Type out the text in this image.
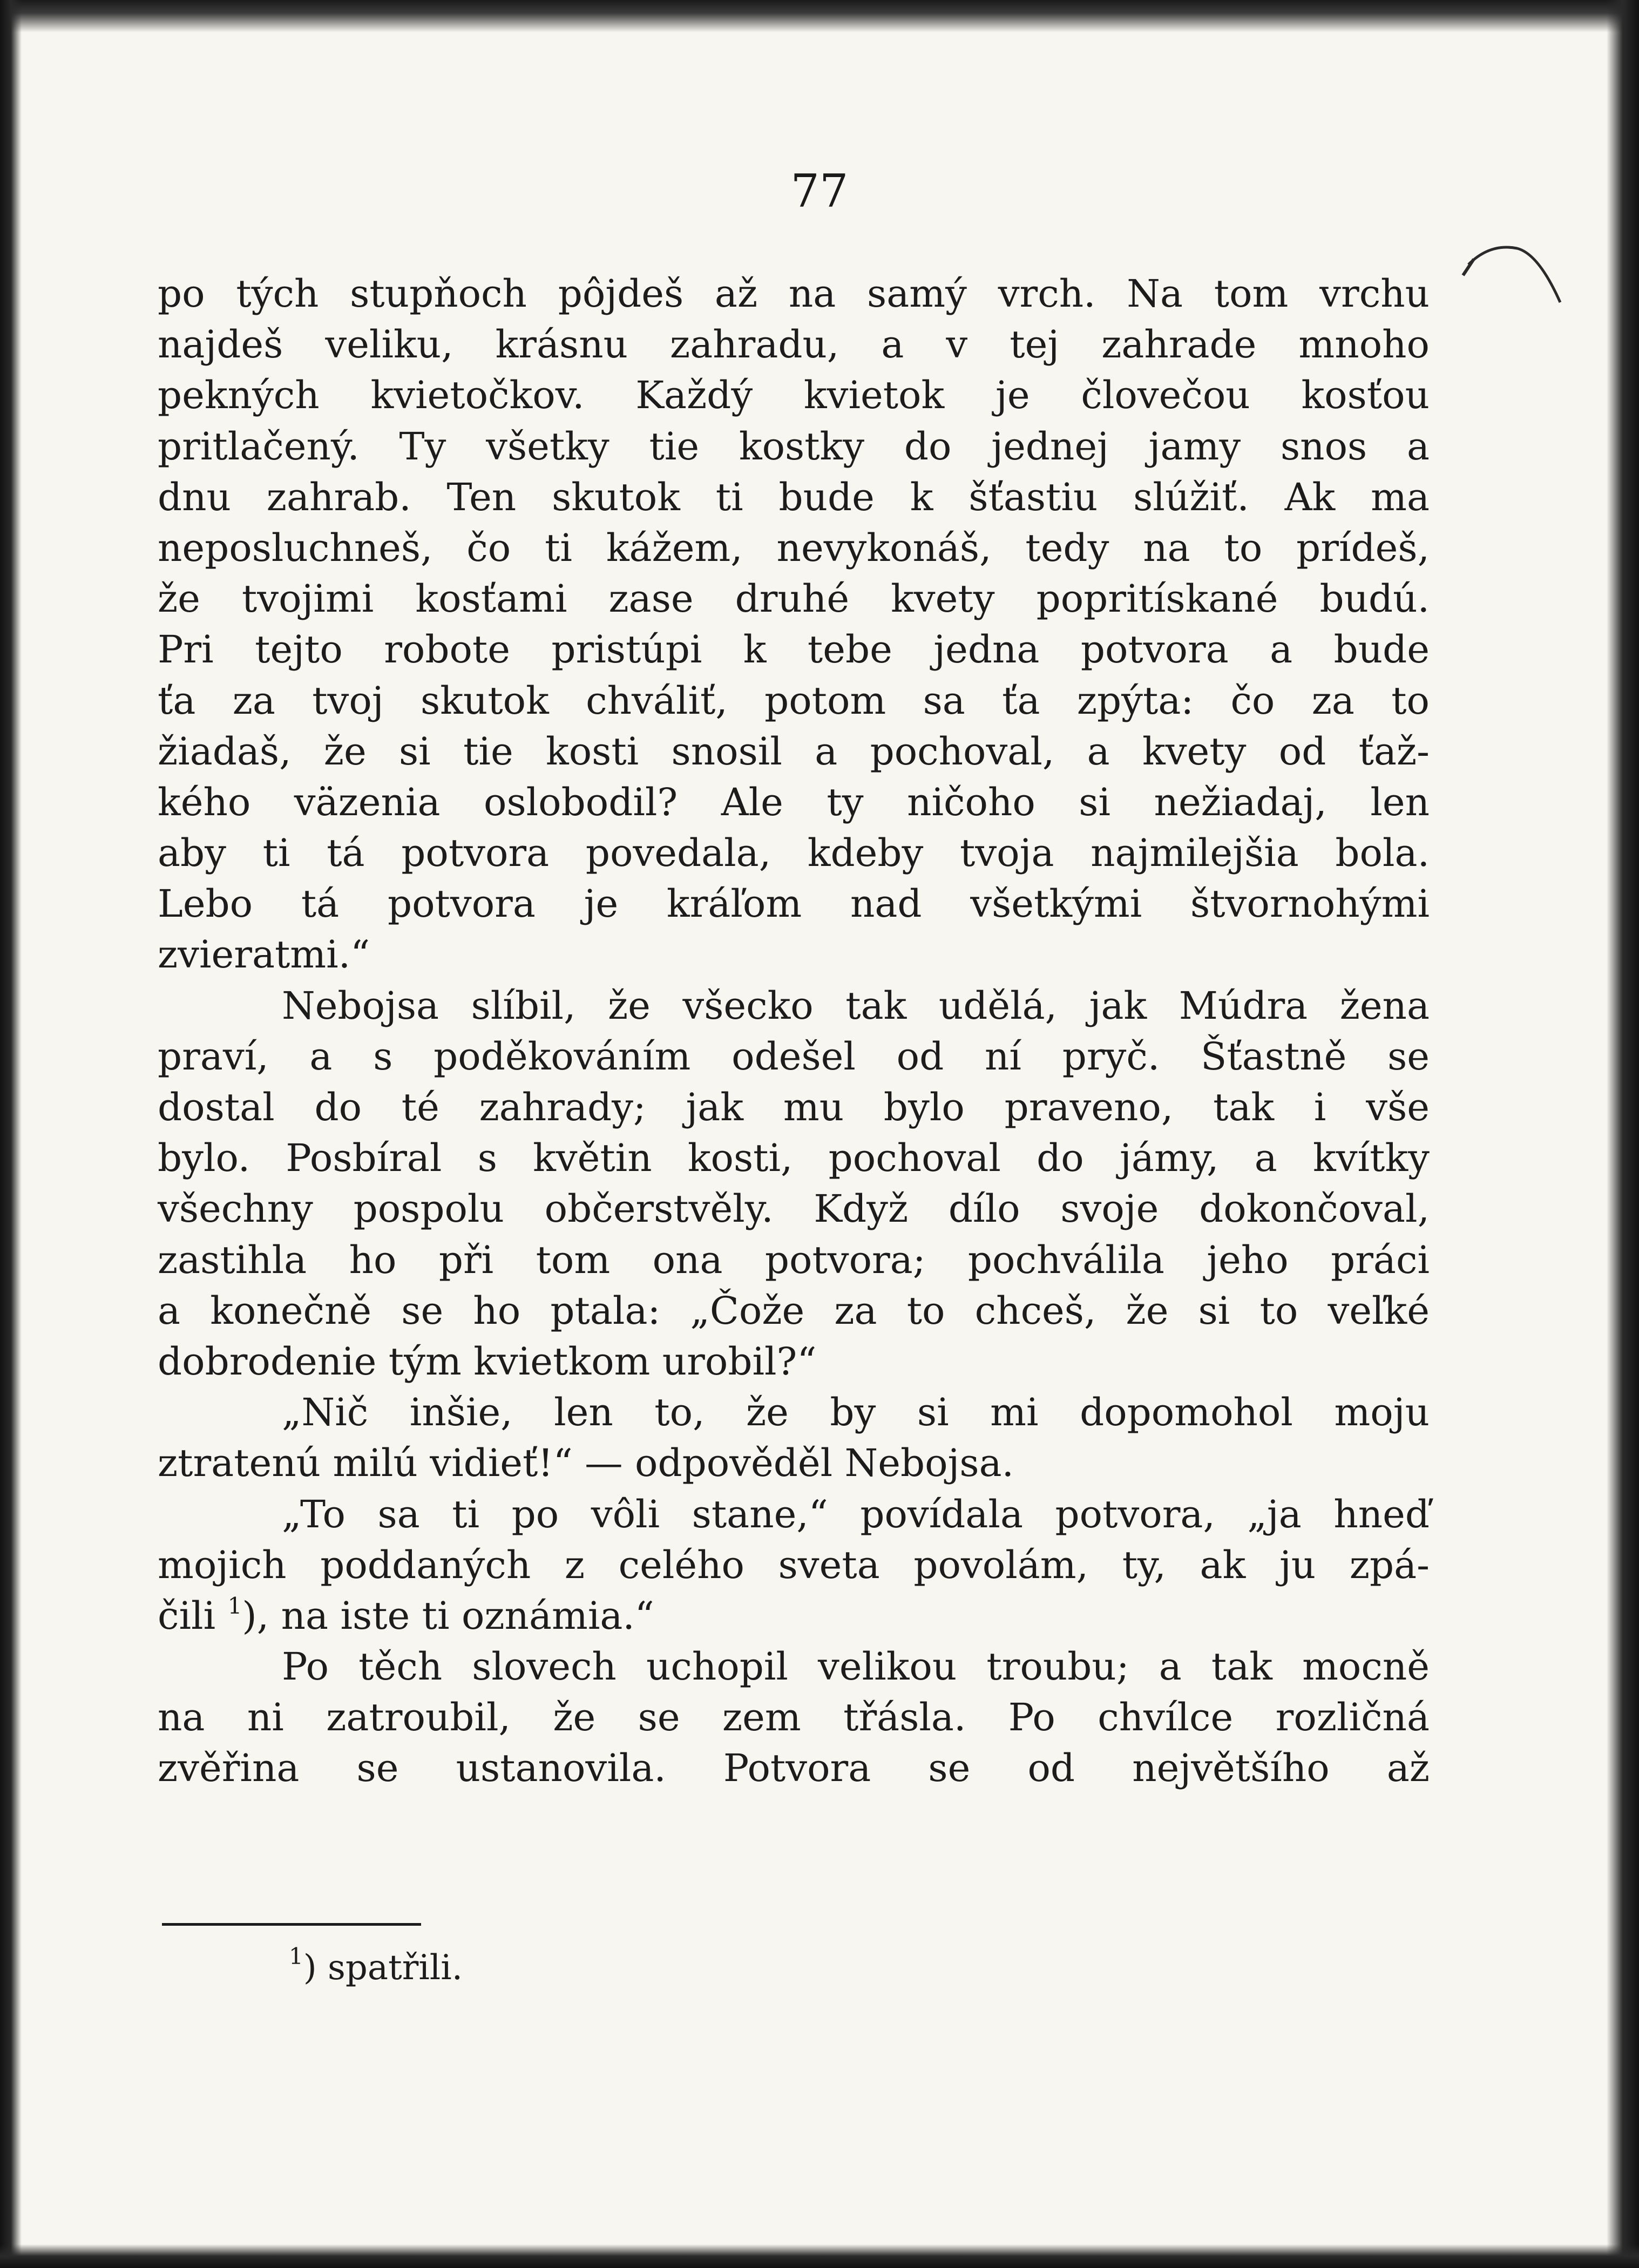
77
po tých stupňoch pôjdeš až na samý vrch. Na tom vrchu
najdeš veliku, krásnu zahradu, a v tej zahrade mnoho
pekných kvietočkov. Každý kvietok je človečou kosťou
pritlačený. Ty všetky tie kostky do jednej jamy snos a
dnu zahrab. Ten skutok ti bude k šťastiu slúžiť. Ak ma
neposluchneš, čo ti kážem, nevykonáš, tedy na to prídeš,
že tvojimi kosťami zase druhé kvety popritískané budú.
Pri tejto robote pristúpi k tebe jedna potvora a bude
ťa za tvoj skutok chváliť, potom sa ťa zpýta: čo za to
žiadaš, že si tie kosti snosil a pochoval, a kvety od ťaž-
kého väzenia oslobodil? Ale ty ničoho si nežiadaj, len
aby ti tá potvora povedala, kdeby tvoja najmilejšia bola.
Lebo tá potvora je kráľom nad všetkými štvornohými
zvieratmi.“
Nebojsa slíbil, že všecko tak udělá, jak Múdra žena
praví, a s poděkováním odešel od ní pryč. Šťastně se
dostal do té zahrady; jak mu bylo praveno, tak i vše
bylo. Posbíral s květin kosti, pochoval do jámy, a kvítky
všechny pospolu občerstvěly. Když dílo svoje dokončoval,
zastihla ho při tom ona potvora; pochválila jeho práci
a konečně se ho ptala: „Čože za to chceš, že si to veľké
dobrodenie tým kvietkom urobil?“
„Nič inšie, len to, že by si mi dopomohol moju
ztratenú milú vidieť!“ — odpověděl Nebojsa.
„To sa ti po vôli stane,“ povídala potvora, „ja hneď
mojich poddaných z celého sveta povolám, ty, ak ju zpá-
čili $^1$), na iste ti oznámia.“
Po těch slovech uchopil velikou troubu; a tak mocně
na ni zatroubil, že se zem třásla. Po chvílce rozličná
zvěřina se ustanovila. Potvora se od největšího až
$^1$) spatřili.
